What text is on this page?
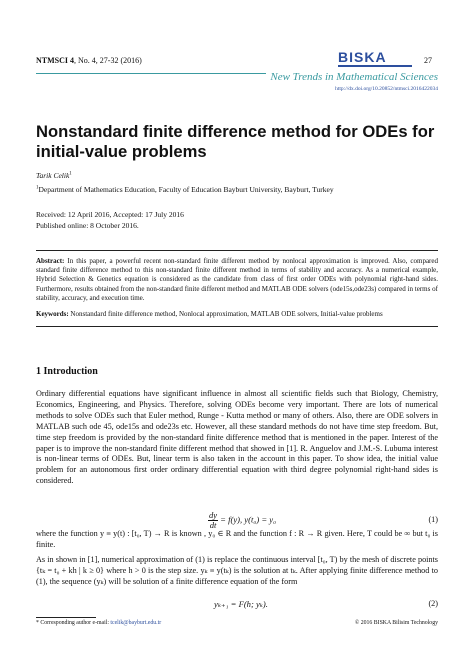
NTMSCI 4, No. 4, 27-32 (2016)	BISKA	27
New Trends in Mathematical Sciences
http://dx.doi.org/10.20852/ntmsci.2016422034
Nonstandard finite difference method for ODEs for initial-value problems
Tarik Celik$^1$
$^1$Department of Mathematics Education, Faculty of Education Bayburt University, Bayburt, Turkey
Received: 12 April 2016, Accepted: 17 July 2016
Published online: 8 October 2016.
Abstract: In this paper, a powerful recent non-standard finite different method by nonlocal approximation is improved. Also, compared standard finite difference method to this non-standard finite different method in terms of stability and accuracy. As a numerical example, Hybrid Selection & Genetics equation is considered as the candidate from class of first order ODEs with polynomial right-hand sides. Furthermore, results obtained from the non-standard finite different method and MATLAB ODE solvers (ode15s,ode23s) compared in terms of stability, accuracy, and execution time.
Keywords: Nonstandard finite difference method, Nonlocal approximation, MATLAB ODE solvers, Initial-value problems
1 Introduction
Ordinary differential equations have significant influence in almost all scientific fields such that Biology, Chemistry, Economics, Engineering, and Physics. Therefore, solving ODEs become very important. There are lots of numerical methods to solve ODEs such that Euler method, Runge - Kutta method or many of others. Also, there are ODE solvers in MATLAB such ode 45, ode15s and ode23s etc. However, all these standard methods do not have time step freedom. But, time step freedom is provided by the non-standard finite difference method that is mentioned in the paper. Interest of the paper is to improve the non-standard finite different method that showed in [1]. R. Anguelov and J.M.-S. Lubuma interest is non-linear terms of ODEs. But, linear term is also taken in the account in this paper. To show idea, the initial value problem for an autonomous first order ordinary differential equation with third degree polynomial right-hand sides is considered.
$\frac{dy}{dt} = f(y)$, y(t₀) = y₀	(1)
where the function y ≡ y(t) : [t₀, T) → R is known , y₀ ∈ R and the function f : R → R given. Here, T could be ∞ but t₀ is finite.
As in shown in [1], numerical approximation of (1) is replace the continuous interval [t₀, T) by the mesh of discrete points {tₖ = t₀ + kh | k ≥ 0} where h > 0 is the step size. yₖ ≡ y(tₖ) is the solution at tₖ. After applying finite difference method to (1), the sequence (yₖ) will be solution of a finite difference equation of the form
yₖ₊₁ = F(h; yₖ).	(2)
* Corresponding author e-mail: tcelik@bayburt.edu.tr	© 2016 BISKA Bilisim Technology
